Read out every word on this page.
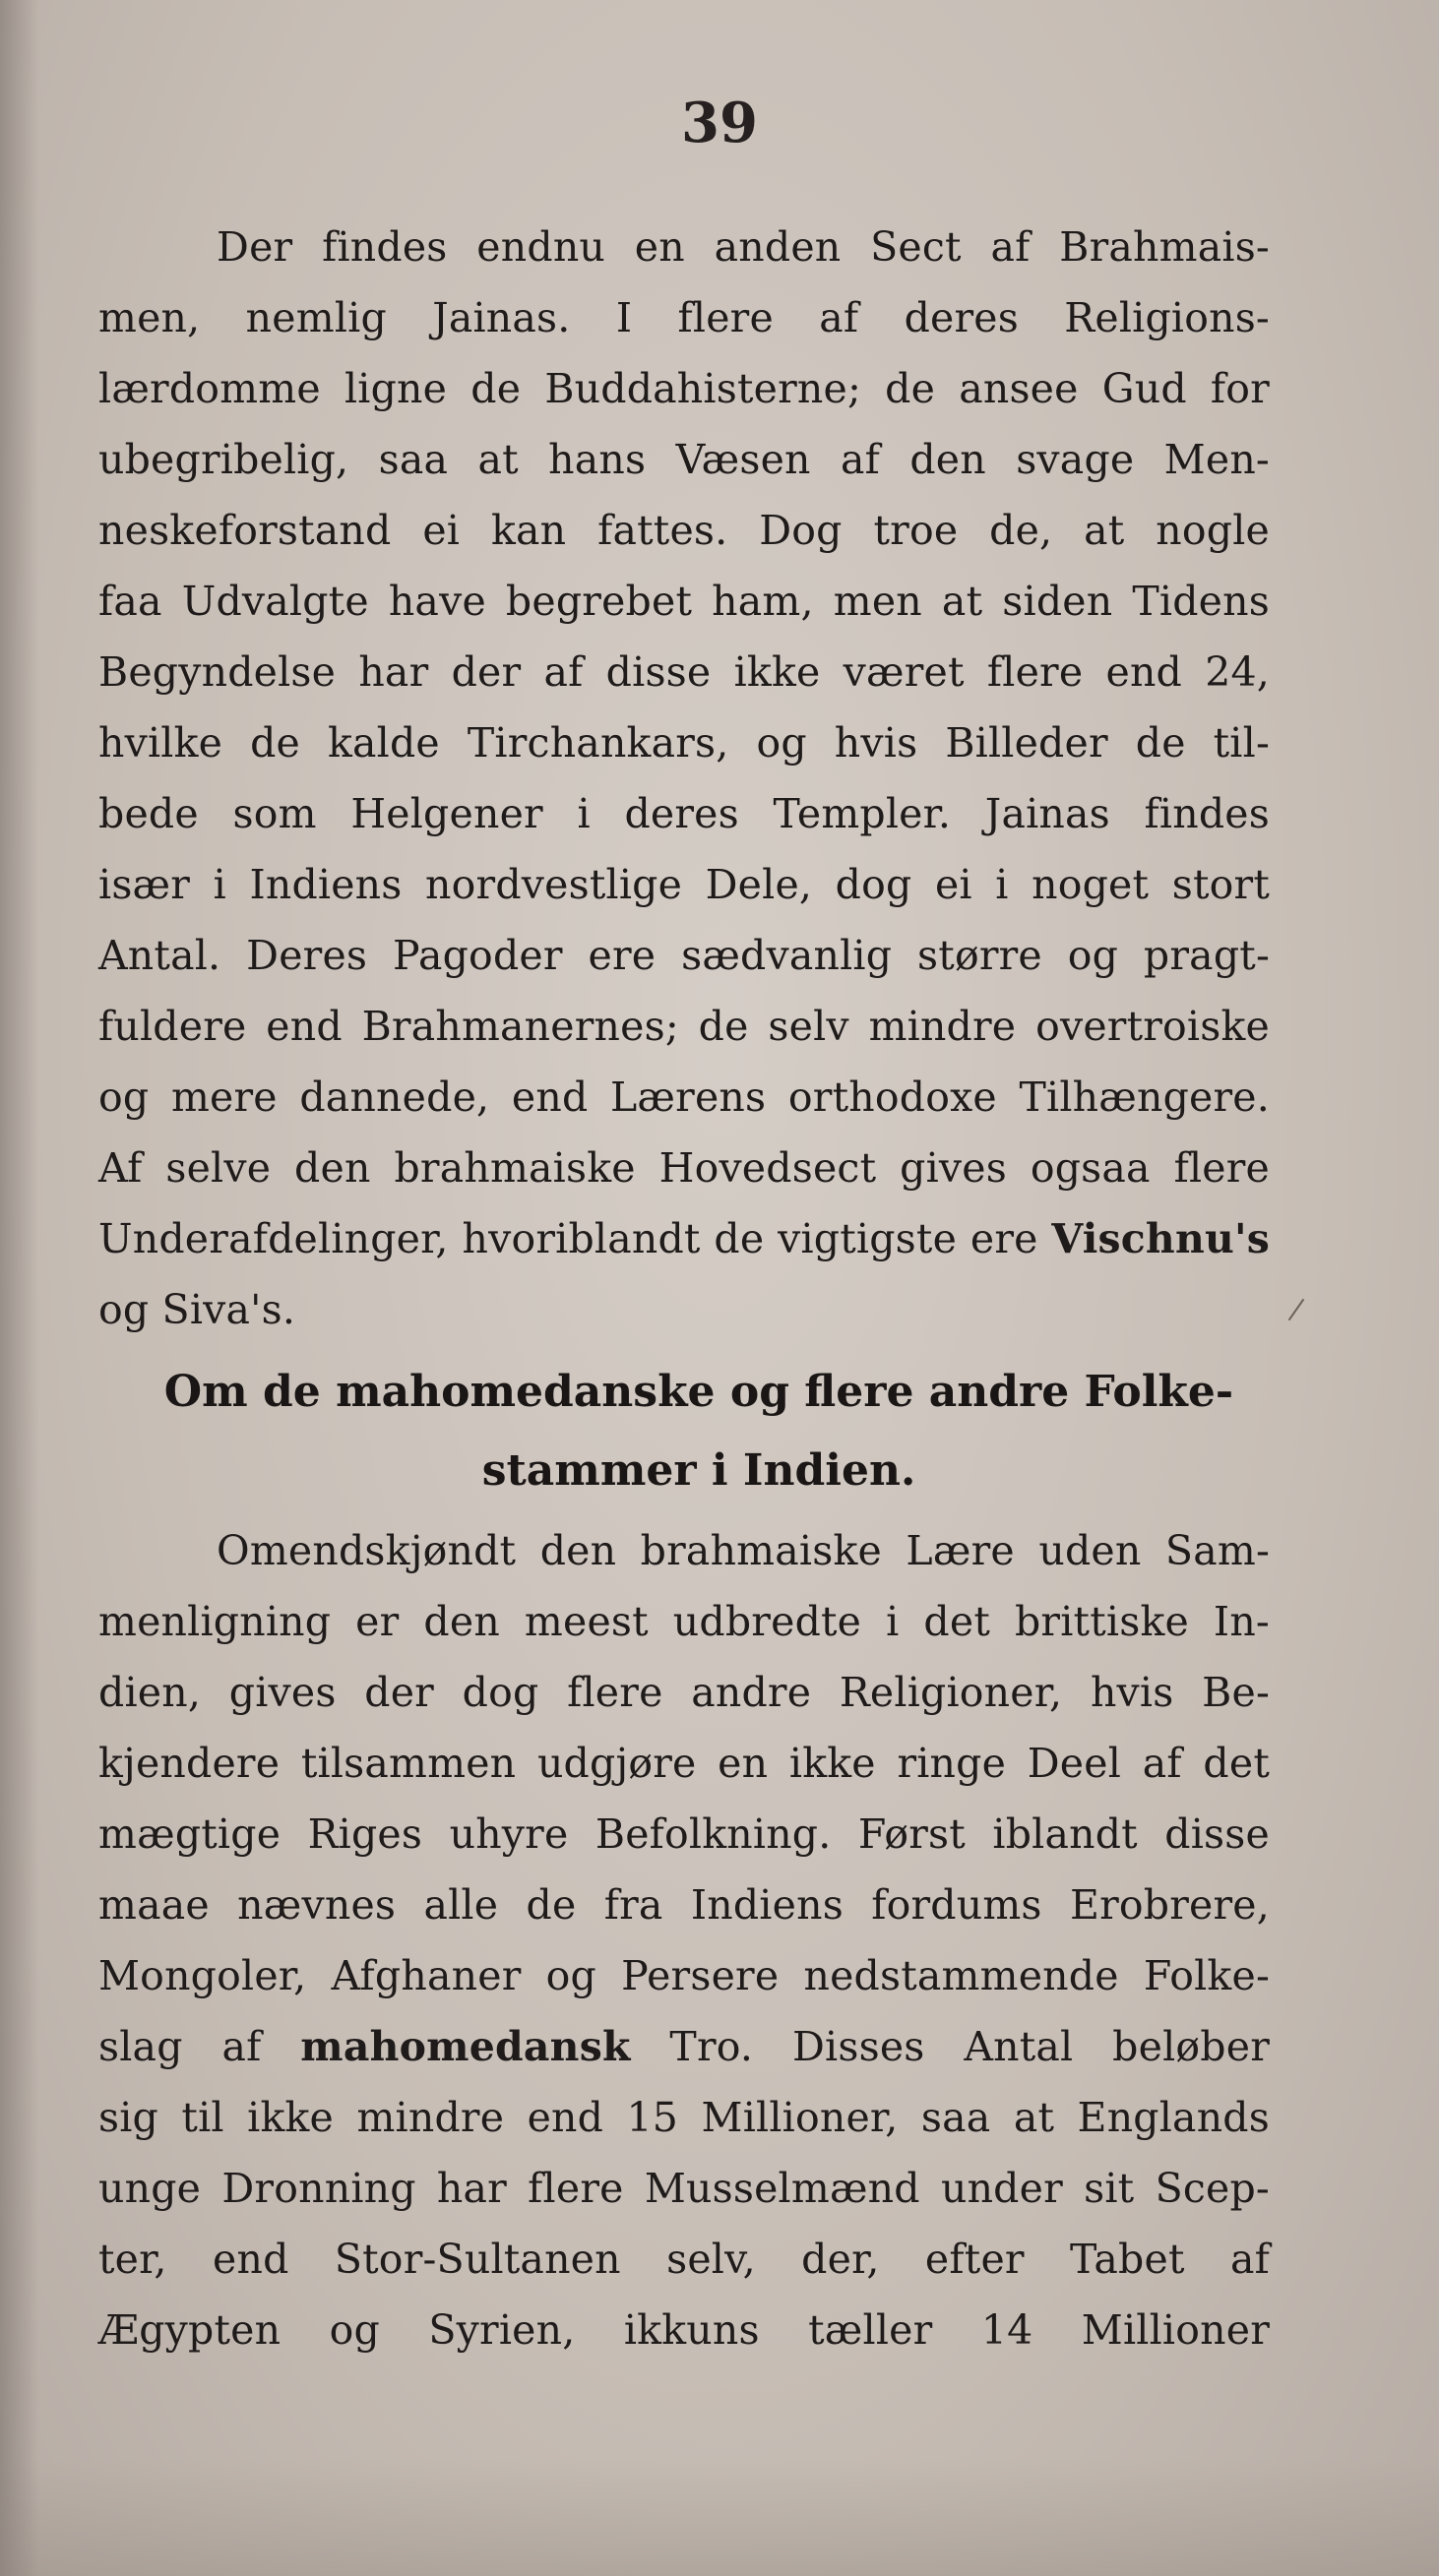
39
Der findes endnu en anden Sect af Brahmais-
men, nemlig Jainas. I flere af deres Religions-
lærdomme ligne de Buddahisterne; de ansee Gud for
ubegribelig, saa at hans Væsen af den svage Men-
neskeforstand ei kan fattes. Dog troe de, at nogle
faa Udvalgte have begrebet ham, men at siden Tidens
Begyndelse har der af disse ikke været flere end 24,
hvilke de kalde Tirchankars, og hvis Billeder de til-
bede som Helgener i deres Templer. Jainas findes
især i Indiens nordvestlige Dele, dog ei i noget stort
Antal. Deres Pagoder ere sædvanlig større og pragt-
fuldere end Brahmanernes; de selv mindre overtroiske
og mere dannede, end Lærens orthodoxe Tilhængere.
Af selve den brahmaiske Hovedsect gives ogsaa flere
Underafdelinger, hvoriblandt de vigtigste ere Vischnu's
og Siva's.
Om de mahomedanske og flere andre Folke-
stammer i Indien.
Omendskjøndt den brahmaiske Lære uden Sam-
menligning er den meest udbredte i det brittiske In-
dien, gives der dog flere andre Religioner, hvis Be-
kjendere tilsammen udgjøre en ikke ringe Deel af det
mægtige Riges uhyre Befolkning. Først iblandt disse
maae nævnes alle de fra Indiens fordums Erobrere,
Mongoler, Afghaner og Persere nedstammende Folke-
slag af mahomedansk Tro. Disses Antal beløber
sig til ikke mindre end 15 Millioner, saa at Englands
unge Dronning har flere Musselmænd under sit Scep-
ter, end Stor-Sultanen selv, der, efter Tabet af
Ægypten og Syrien, ikkuns tæller 14 Millioner
